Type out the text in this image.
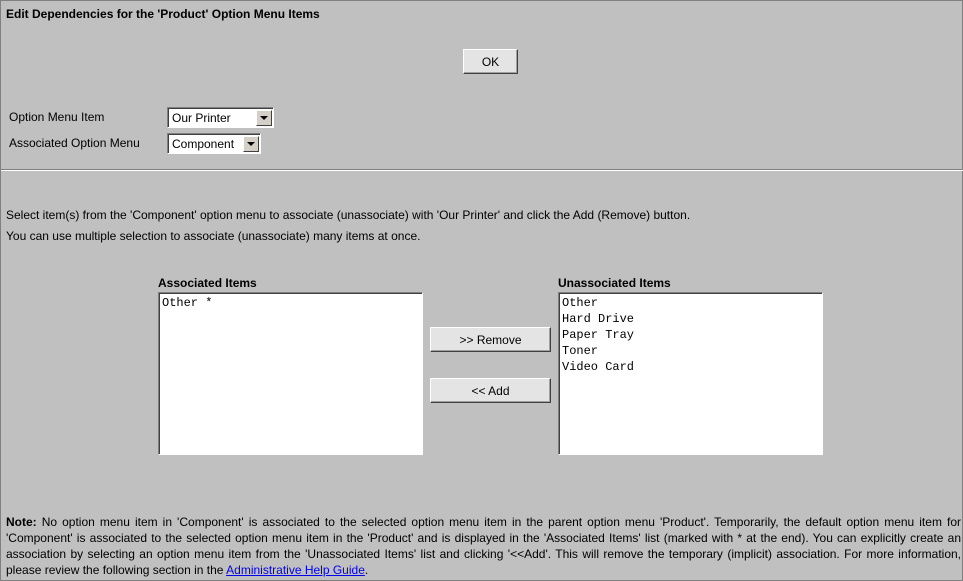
Edit Dependencies for the 'Product' Option Menu Items
OK
Option Menu Item	Our Printer
Associated Option Menu	Component
Select item(s) from the 'Component' option menu to associate (unassociate) with 'Our Printer' and click the Add (Remove) button.
You can use multiple selection to associate (unassociate) many items at once.
Associated Items
Other *
>> Remove
<< Add
Unassociated Items
Other
Hard Drive
Paper Tray
Toner
Video Card
Note: No option menu item in 'Component' is associated to the selected option menu item in the parent option menu 'Product'. Temporarily, the default option menu item for 'Component' is associated to the selected option menu item in the 'Product' and is displayed in the 'Associated Items' list (marked with * at the end). You can explicitly create an association by selecting an option menu item from the 'Unassociated Items' list and clicking '<<Add'. This will remove the temporary (implicit) association. For more information, please review the following section in the Administrative Help Guide.
